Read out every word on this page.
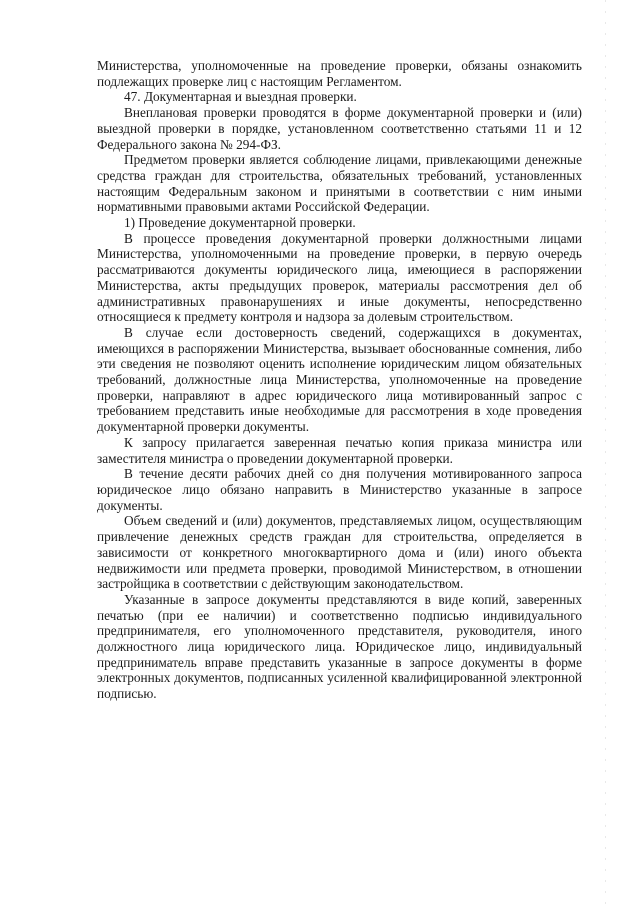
Министерства, уполномоченные на проведение проверки, обязаны ознакомить подлежащих проверке лиц с настоящим Регламентом.

47. Документарная и выездная проверки.

Внеплановая проверки проводятся в форме документарной проверки и (или) выездной проверки в порядке, установленном соответственно статьями 11 и 12 Федерального закона № 294-ФЗ.

Предметом проверки является соблюдение лицами, привлекающими денежные средства граждан для строительства, обязательных требований, установленных настоящим Федеральным законом и принятыми в соответствии с ним иными нормативными правовыми актами Российской Федерации.

1) Проведение документарной проверки.

В процессе проведения документарной проверки должностными лицами Министерства, уполномоченными на проведение проверки, в первую очередь рассматриваются документы юридического лица, имеющиеся в распоряжении Министерства, акты предыдущих проверок, материалы рассмотрения дел об административных правонарушениях и иные документы, непосредственно относящиеся к предмету контроля и надзора за долевым строительством.

В случае если достоверность сведений, содержащихся в документах, имеющихся в распоряжении Министерства, вызывает обоснованные сомнения, либо эти сведения не позволяют оценить исполнение юридическим лицом обязательных требований, должностные лица Министерства, уполномоченные на проведение проверки, направляют в адрес юридического лица мотивированный запрос с требованием представить иные необходимые для рассмотрения в ходе проведения документарной проверки документы.

К запросу прилагается заверенная печатью копия приказа министра или заместителя министра о проведении документарной проверки.

В течение десяти рабочих дней со дня получения мотивированного запроса юридическое лицо обязано направить в Министерство указанные в запросе документы.

Объем сведений и (или) документов, представляемых лицом, осуществляющим привлечение денежных средств граждан для строительства, определяется в зависимости от конкретного многоквартирного дома и (или) иного объекта недвижимости или предмета проверки, проводимой Министерством, в отношении застройщика в соответствии с действующим законодательством.

Указанные в запросе документы представляются в виде копий, заверенных печатью (при ее наличии) и соответственно подписью индивидуального предпринимателя, его уполномоченного представителя, руководителя, иного должностного лица юридического лица. Юридическое лицо, индивидуальный предприниматель вправе представить указанные в запросе документы в форме электронных документов, подписанных усиленной квалифицированной электронной подписью.
